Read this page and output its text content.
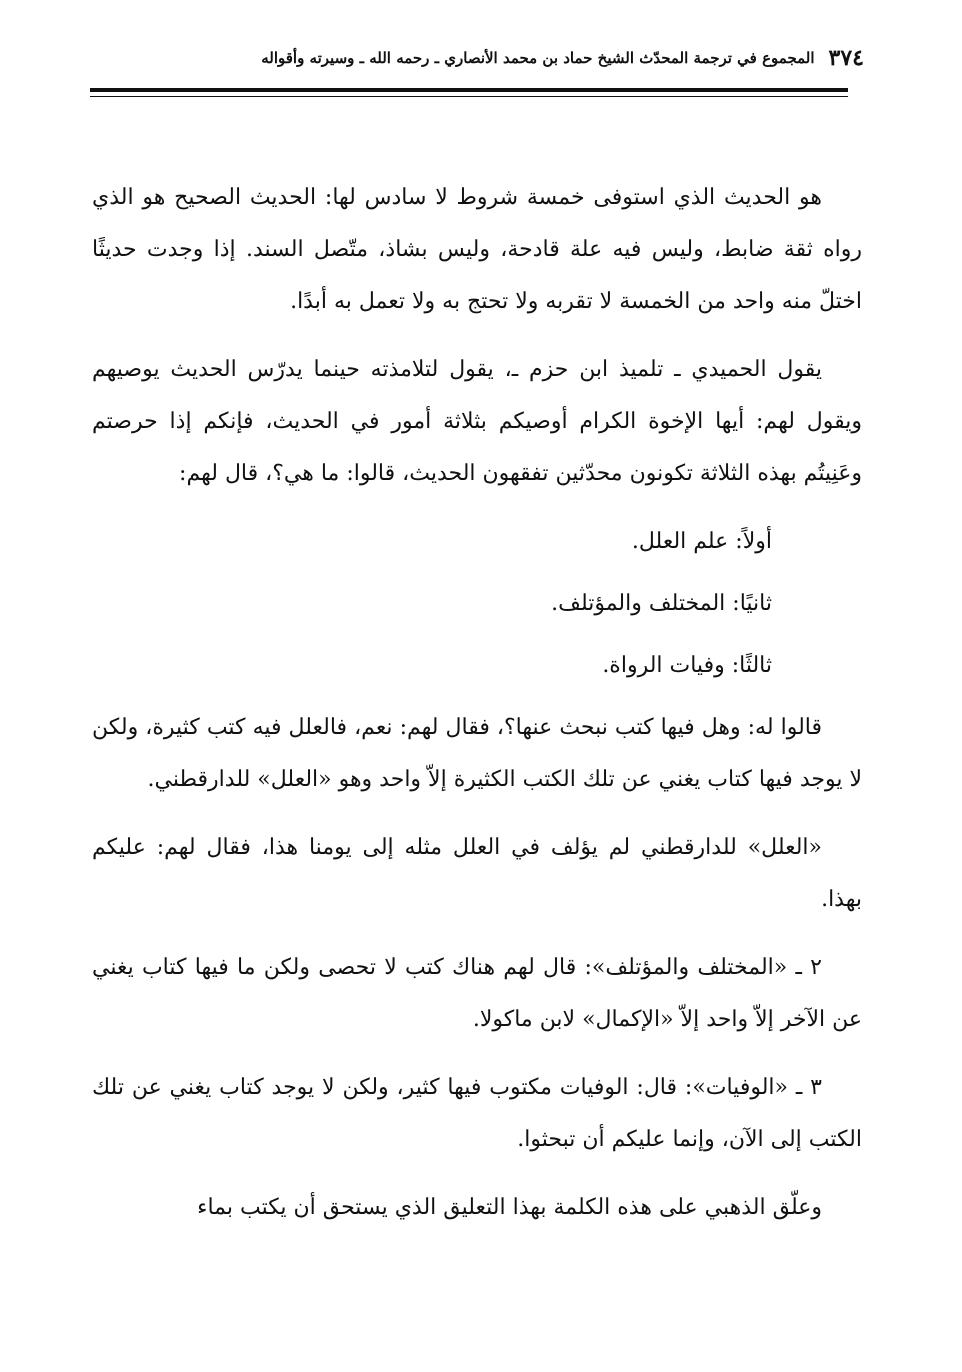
٣٧٤
المجموع في ترجمة المحدّث الشيخ حماد بن محمد الأنصاري ـ رحمه الله ـ وسيرته وأقواله

هو الحديث الذي استوفى خمسة شروط لا سادس لها: الحديث الصحيح هو الذي رواه ثقة ضابط، وليس فيه علة قادحة، وليس بشاذ، متّصل السند. إذا وجدت حديثًا اختلّ منه واحد من الخمسة لا تقربه ولا تحتج به ولا تعمل به أبدًا.

يقول الحميدي ـ تلميذ ابن حزم ـ، يقول لتلامذته حينما يدرّس الحديث يوصيهم ويقول لهم: أيها الإخوة الكرام أوصيكم بثلاثة أمور في الحديث، فإنكم إذا حرصتم وعَنِيتُم بهذه الثلاثة تكونون محدّثين تفقهون الحديث، قالوا: ما هي؟، قال لهم:

أولاً: علم العلل.

ثانيًا: المختلف والمؤتلف.

ثالثًا: وفيات الرواة.

قالوا له: وهل فيها كتب نبحث عنها؟، فقال لهم: نعم، فالعلل فيه كتب كثيرة، ولكن لا يوجد فيها كتاب يغني عن تلك الكتب الكثيرة إلاّ واحد وهو «العلل» للدارقطني.

«العلل» للدارقطني لم يؤلف في العلل مثله إلى يومنا هذا، فقال لهم: عليكم بهذا.

٢ ـ «المختلف والمؤتلف»: قال لهم هناك كتب لا تحصى ولكن ما فيها كتاب يغني عن الآخر إلاّ واحد إلاّ «الإكمال» لابن ماكولا.

٣ ـ «الوفيات»: قال: الوفيات مكتوب فيها كثير، ولكن لا يوجد كتاب يغني عن تلك الكتب إلى الآن، وإنما عليكم أن تبحثوا.

وعلّق الذهبي على هذه الكلمة بهذا التعليق الذي يستحق أن يكتب بماء
